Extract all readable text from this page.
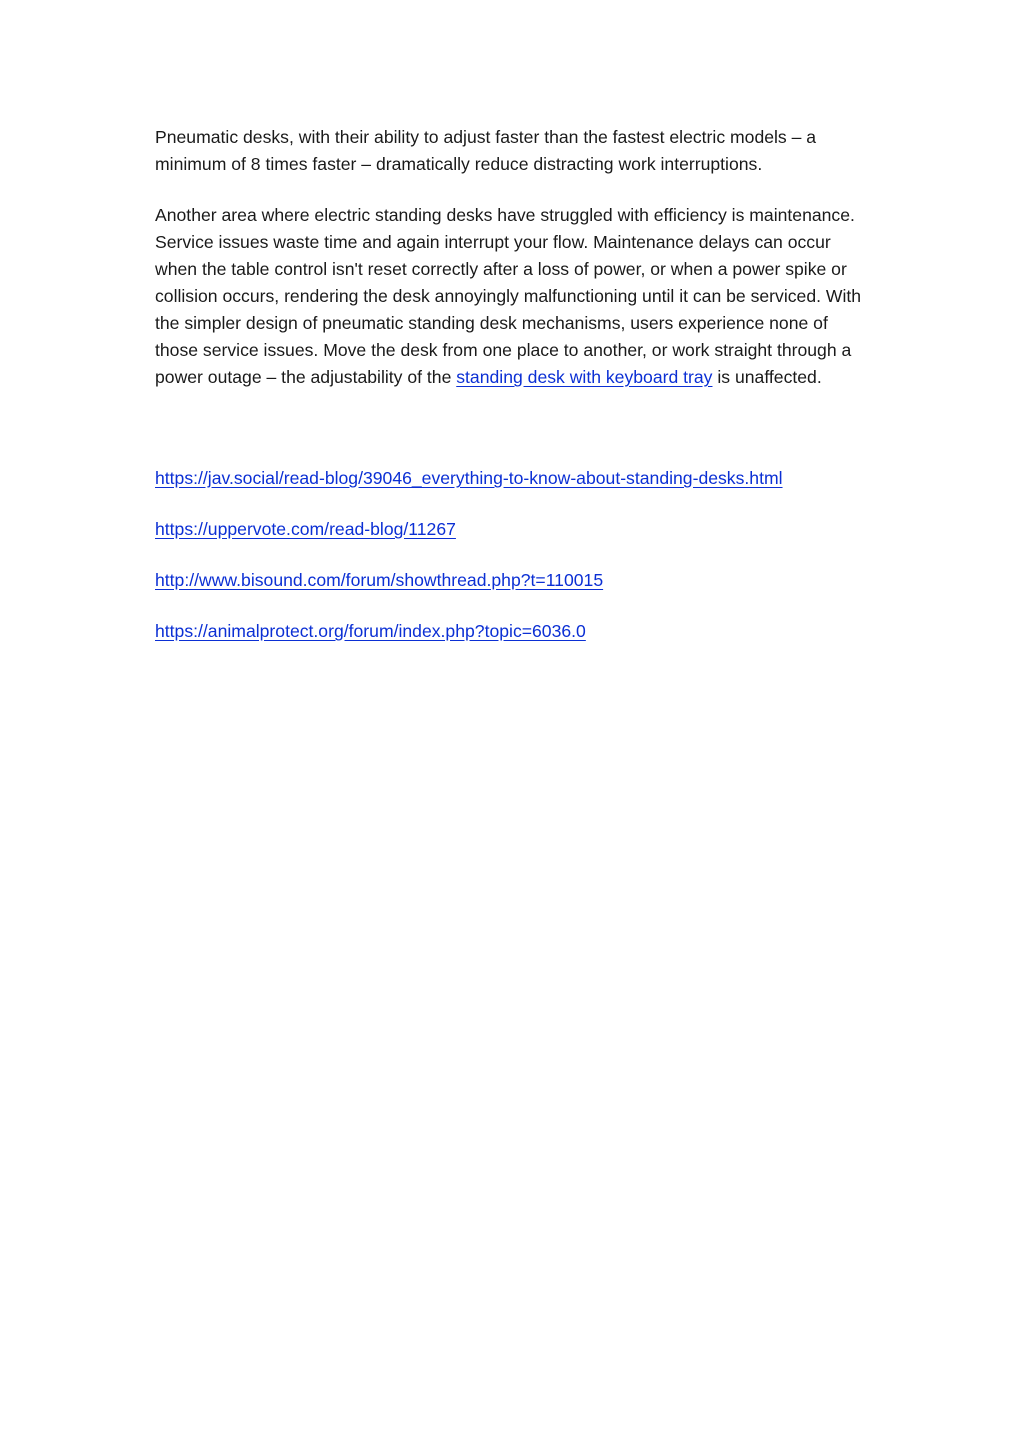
Pneumatic desks, with their ability to adjust faster than the fastest electric models – a minimum of 8 times faster – dramatically reduce distracting work interruptions.

Another area where electric standing desks have struggled with efficiency is maintenance. Service issues waste time and again interrupt your flow. Maintenance delays can occur when the table control isn't reset correctly after a loss of power, or when a power spike or collision occurs, rendering the desk annoyingly malfunctioning until it can be serviced. With the simpler design of pneumatic standing desk mechanisms, users experience none of those service issues. Move the desk from one place to another, or work straight through a power outage – the adjustability of the standing desk with keyboard tray is unaffected.

https://jav.social/read-blog/39046_everything-to-know-about-standing-desks.html
https://uppervote.com/read-blog/11267
http://www.bisound.com/forum/showthread.php?t=110015
https://animalprotect.org/forum/index.php?topic=6036.0
